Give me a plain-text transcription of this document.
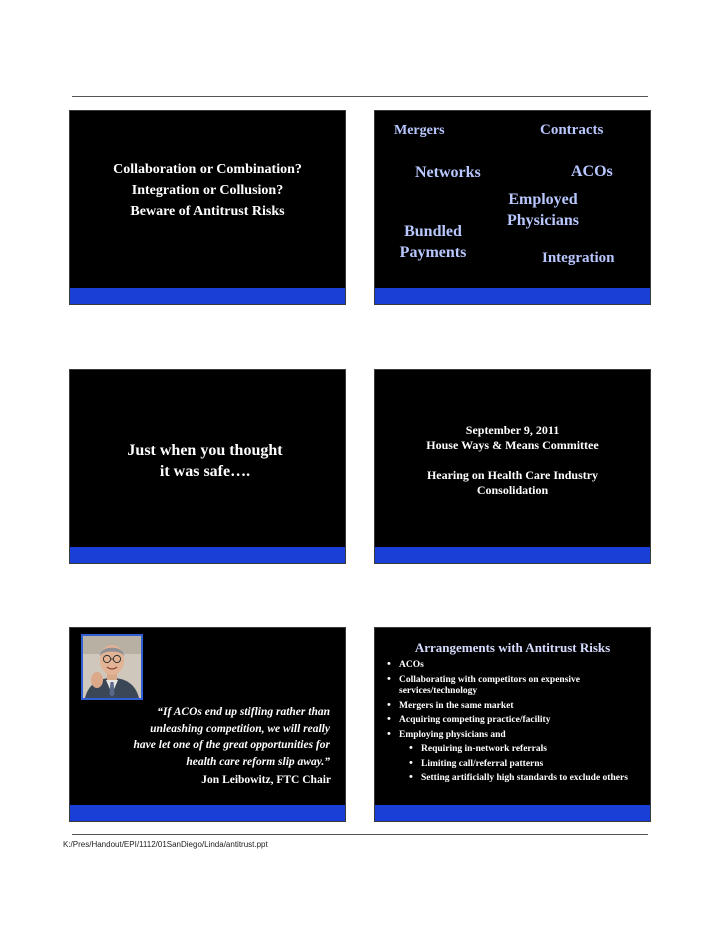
Collaboration or Combination?
Integration or Collusion?
Beware of Antitrust Risks
Mergers	Contracts
Networks	ACOs
Employed
Physicians
Bundled
Payments	Integration
Just when you thought
it was safe….
September 9, 2011
House Ways & Means Committee
Hearing on Health Care Industry
Consolidation
“If ACOs end up stifling rather than
unleashing competition, we will really
have let one of the great opportunities for
health care reform slip away.”
Jon Leibowitz, FTC Chair
Arrangements with Antitrust Risks
• ACOs
• Collaborating with competitors on expensive services/technology
• Mergers in the same market
• Acquiring competing practice/facility
• Employing physicians and
• Requiring in-network referrals
• Limiting call/referral patterns
• Setting artificially high standards to exclude others
K:/Pres/Handout/EPI/1112/01SanDiego/Linda/antitrust.ppt
